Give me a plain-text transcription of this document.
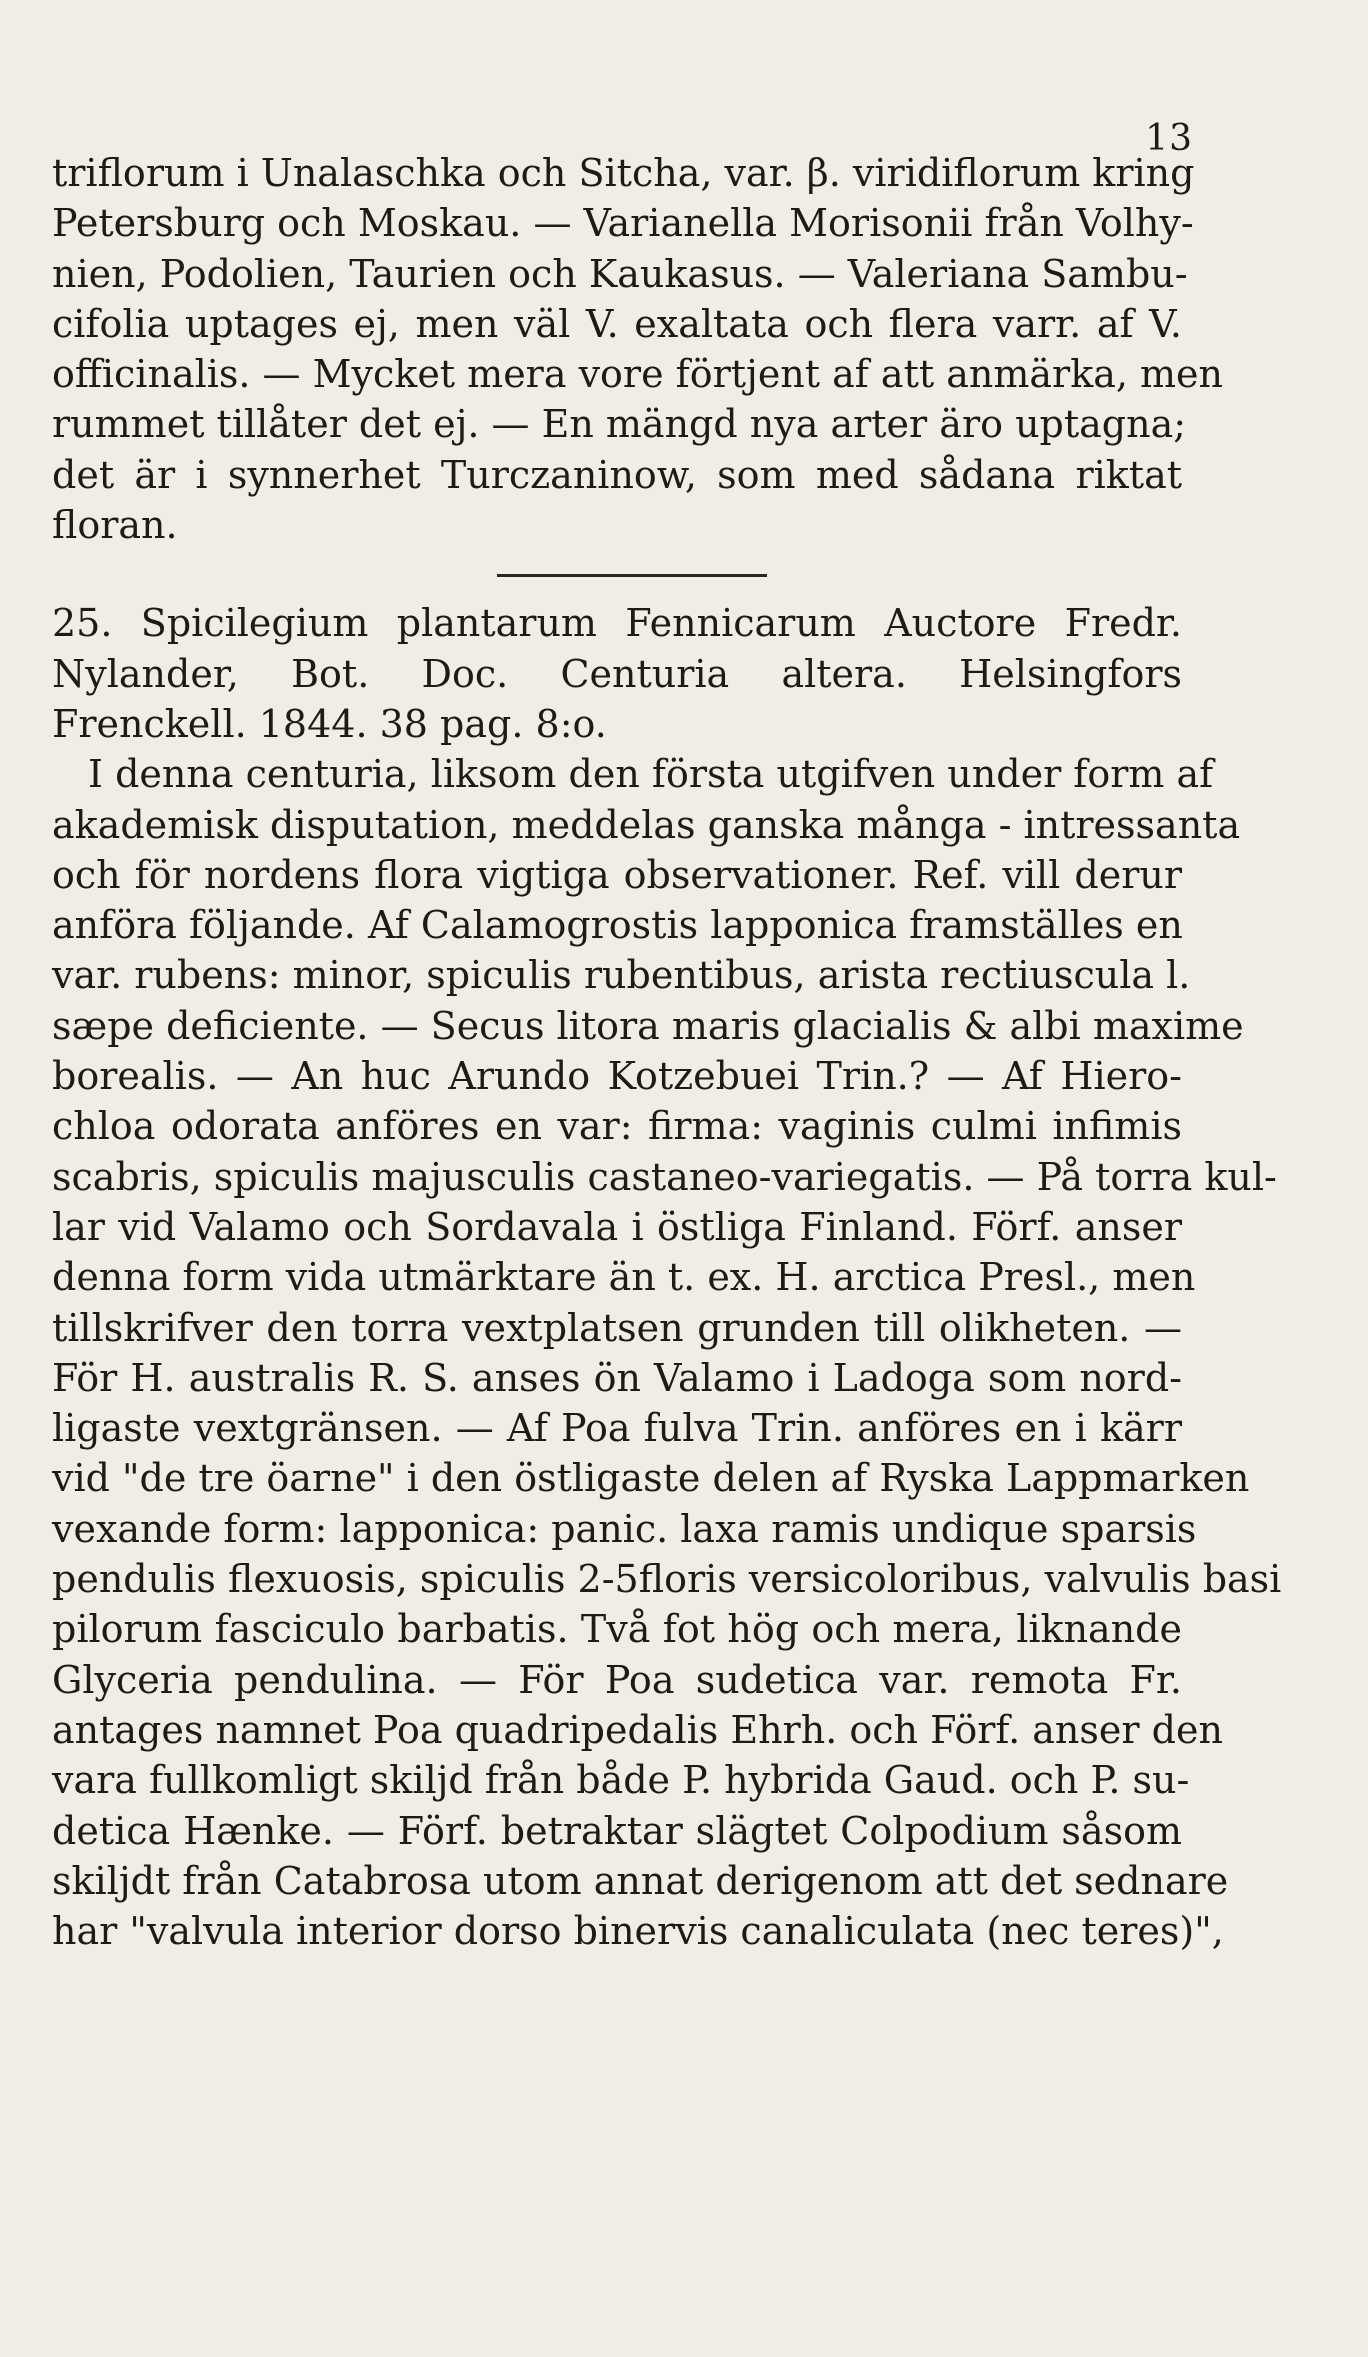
13
triflorum i Unalaschka och Sitcha, var. β. viridiflorum kring
Petersburg och Moskau. — Varianella Morisonii från Volhy-
nien, Podolien, Taurien och Kaukasus. — Valeriana Sambu-
cifolia uptages ej, men väl V. exaltata och flera varr. af V.
officinalis. — Mycket mera vore förtjent af att anmärka, men
rummet tillåter det ej. — En mängd nya arter äro uptagna;
det är i synnerhet Turczaninow, som med sådana riktat
floran.
25. Spicilegium plantarum Fennicarum Auctore Fredr.
Nylander, Bot. Doc. Centuria altera. Helsingfors
Frenckell. 1844. 38 pag. 8:o.
I denna centuria, liksom den första utgifven under form af
akademisk disputation, meddelas ganska många - intressanta
och för nordens flora vigtiga observationer. Ref. vill derur
anföra följande. Af Calamogrostis lapponica framställes en
var. rubens: minor, spiculis rubentibus, arista rectiuscula l.
sæpe deficiente. — Secus litora maris glacialis & albi maxime
borealis. — An huc Arundo Kotzebuei Trin.? — Af Hiero-
chloa odorata anföres en var: firma: vaginis culmi infimis
scabris, spiculis majusculis castaneo-variegatis. — På torra kul-
lar vid Valamo och Sordavala i östliga Finland. Förf. anser
denna form vida utmärktare än t. ex. H. arctica Presl., men
tillskrifver den torra vextplatsen grunden till olikheten. —
För H. australis R. S. anses ön Valamo i Ladoga som nord-
ligaste vextgränsen. — Af Poa fulva Trin. anföres en i kärr
vid "de tre öarne" i den östligaste delen af Ryska Lappmarken
vexande form: lapponica: panic. laxa ramis undique sparsis
pendulis flexuosis, spiculis 2-5floris versicoloribus, valvulis basi
pilorum fasciculo barbatis. Två fot hög och mera, liknande
Glyceria pendulina. — För Poa sudetica var. remota Fr.
antages namnet Poa quadripedalis Ehrh. och Förf. anser den
vara fullkomligt skiljd från både P. hybrida Gaud. och P. su-
detica Hænke. — Förf. betraktar slägtet Colpodium såsom
skiljdt från Catabrosa utom annat derigenom att det sednare
har "valvula interior dorso binervis canaliculata (nec teres)",
